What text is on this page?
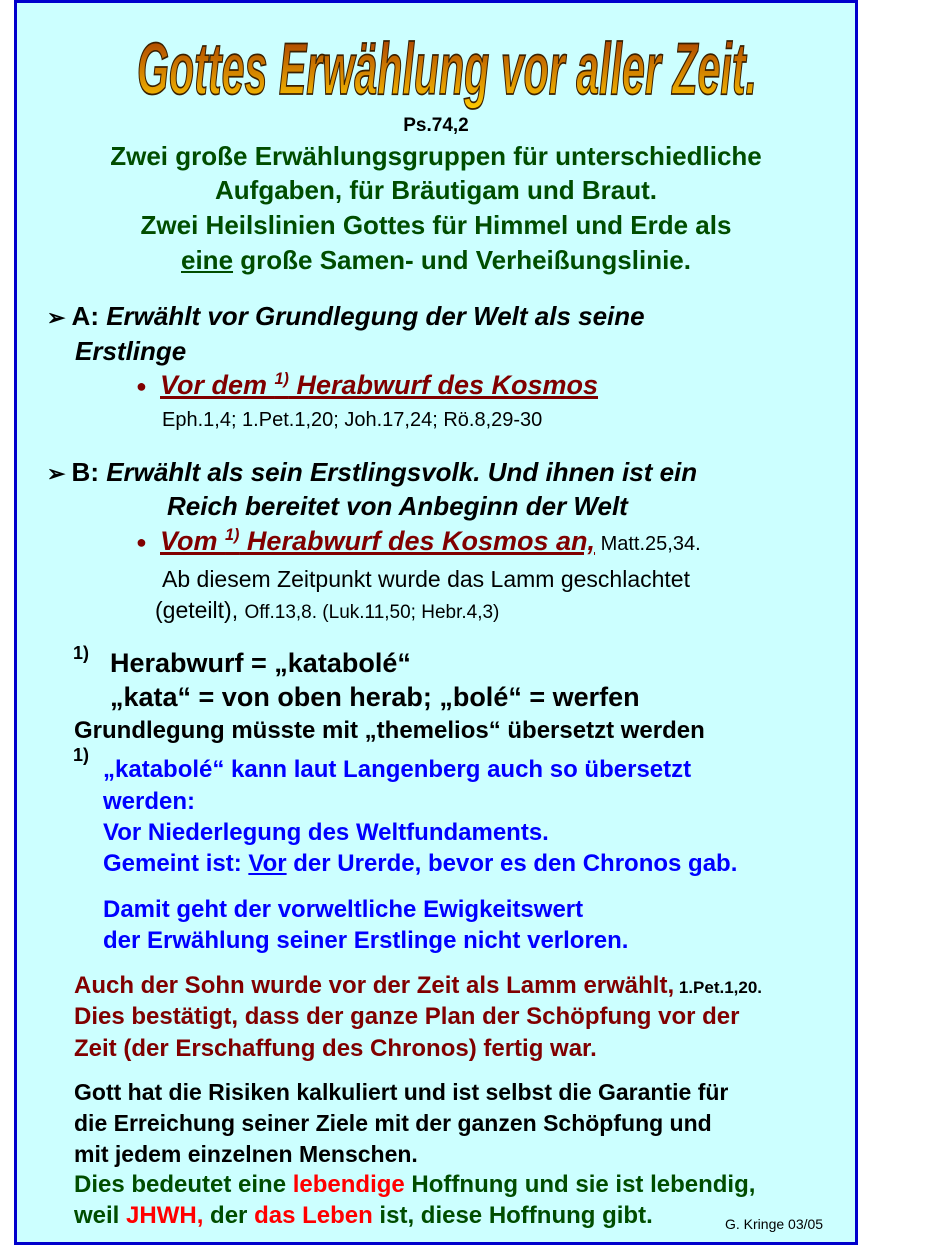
Gottes Erwählung vor aller Zeit.
Ps.74,2
Zwei große Erwählungsgruppen für unterschiedliche
Aufgaben, für Bräutigam und Braut.
Zwei Heilslinien Gottes für Himmel und Erde als
eine große Samen- und Verheißungslinie.
➢ A: Erwählt vor Grundlegung der Welt als seine
Erstlinge
● Vor dem $^{1)}$ Herabwurf des Kosmos
Eph.1,4; 1.Pet.1,20; Joh.17,24; Rö.8,29-30
➢ B: Erwählt als sein Erstlingsvolk. Und ihnen ist ein
Reich bereitet von Anbeginn der Welt
● Vom $^{1)}$ Herabwurf des Kosmos an, Matt.25,34.
Ab diesem Zeitpunkt wurde das Lamm geschlachtet
(geteilt), Off.13,8. (Luk.11,50; Hebr.4,3)
1) Herabwurf = „katabolé“
„kata“ = von oben herab; „bolé“ = werfen
Grundlegung müsste mit „themelios“ übersetzt werden
1)
„katabolé“ kann laut Langenberg auch so übersetzt
werden:
Vor Niederlegung des Weltfundaments.
Gemeint ist: Vor der Urerde, bevor es den Chronos gab.
Damit geht der vorweltliche Ewigkeitswert
der Erwählung seiner Erstlinge nicht verloren.
Auch der Sohn wurde vor der Zeit als Lamm erwählt, 1.Pet.1,20.
Dies bestätigt, dass der ganze Plan der Schöpfung vor der
Zeit (der Erschaffung des Chronos) fertig war.
Gott hat die Risiken kalkuliert und ist selbst die Garantie für
die Erreichung seiner Ziele mit der ganzen Schöpfung und
mit jedem einzelnen Menschen.
Dies bedeutet eine lebendige Hoffnung und sie ist lebendig,
weil JHWH, der das Leben ist, diese Hoffnung gibt.	G. Kringe 03/05
